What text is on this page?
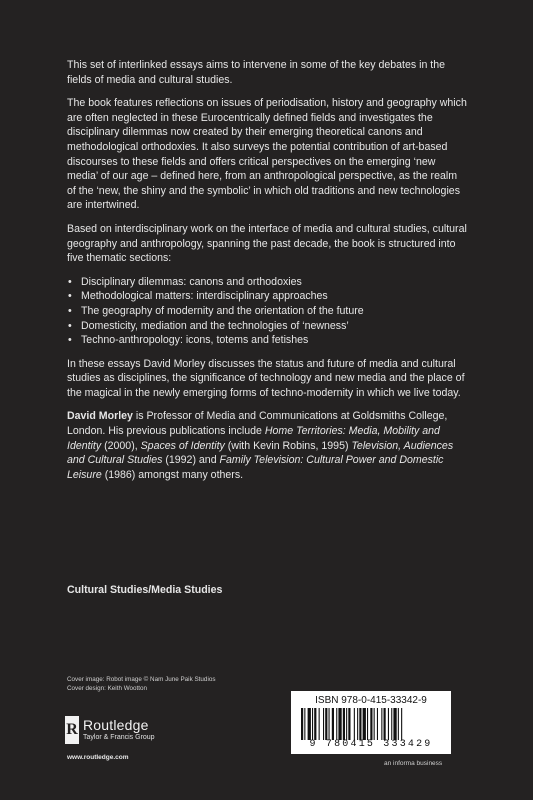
This set of interlinked essays aims to intervene in some of the key debates in the fields of media and cultural studies.

The book features reflections on issues of periodisation, history and geography which are often neglected in these Eurocentrically defined fields and investigates the disciplinary dilemmas now created by their emerging theoretical canons and methodological orthodoxies. It also surveys the potential contribution of art-based discourses to these fields and offers critical perspectives on the emerging ‘new media’ of our age – defined here, from an anthropological perspective, as the realm of the ‘new, the shiny and the symbolic’ in which old traditions and new technologies are intertwined.

Based on interdisciplinary work on the interface of media and cultural studies, cultural geography and anthropology, spanning the past decade, the book is structured into five thematic sections:

• Disciplinary dilemmas: canons and orthodoxies
• Methodological matters: interdisciplinary approaches
• The geography of modernity and the orientation of the future
• Domesticity, mediation and the technologies of ‘newness’
• Techno-anthropology: icons, totems and fetishes

In these essays David Morley discusses the status and future of media and cultural studies as disciplines, the significance of technology and new media and the place of the magical in the newly emerging forms of techno-modernity in which we live today.

David Morley is Professor of Media and Communications at Goldsmiths College, London. His previous publications include Home Territories: Media, Mobility and Identity (2000), Spaces of Identity (with Kevin Robins, 1995) Television, Audiences and Cultural Studies (1992) and Family Television: Cultural Power and Domestic Leisure (1986) amongst many others.

Cultural Studies/Media Studies
Cover image: Robot image © Nam June Paik Studios
Cover design: Keith Wootton
R Routledge
Taylor & Francis Group
www.routledge.com
ISBN 978-0-415-33342-9
9 780415 333429
an informa business
